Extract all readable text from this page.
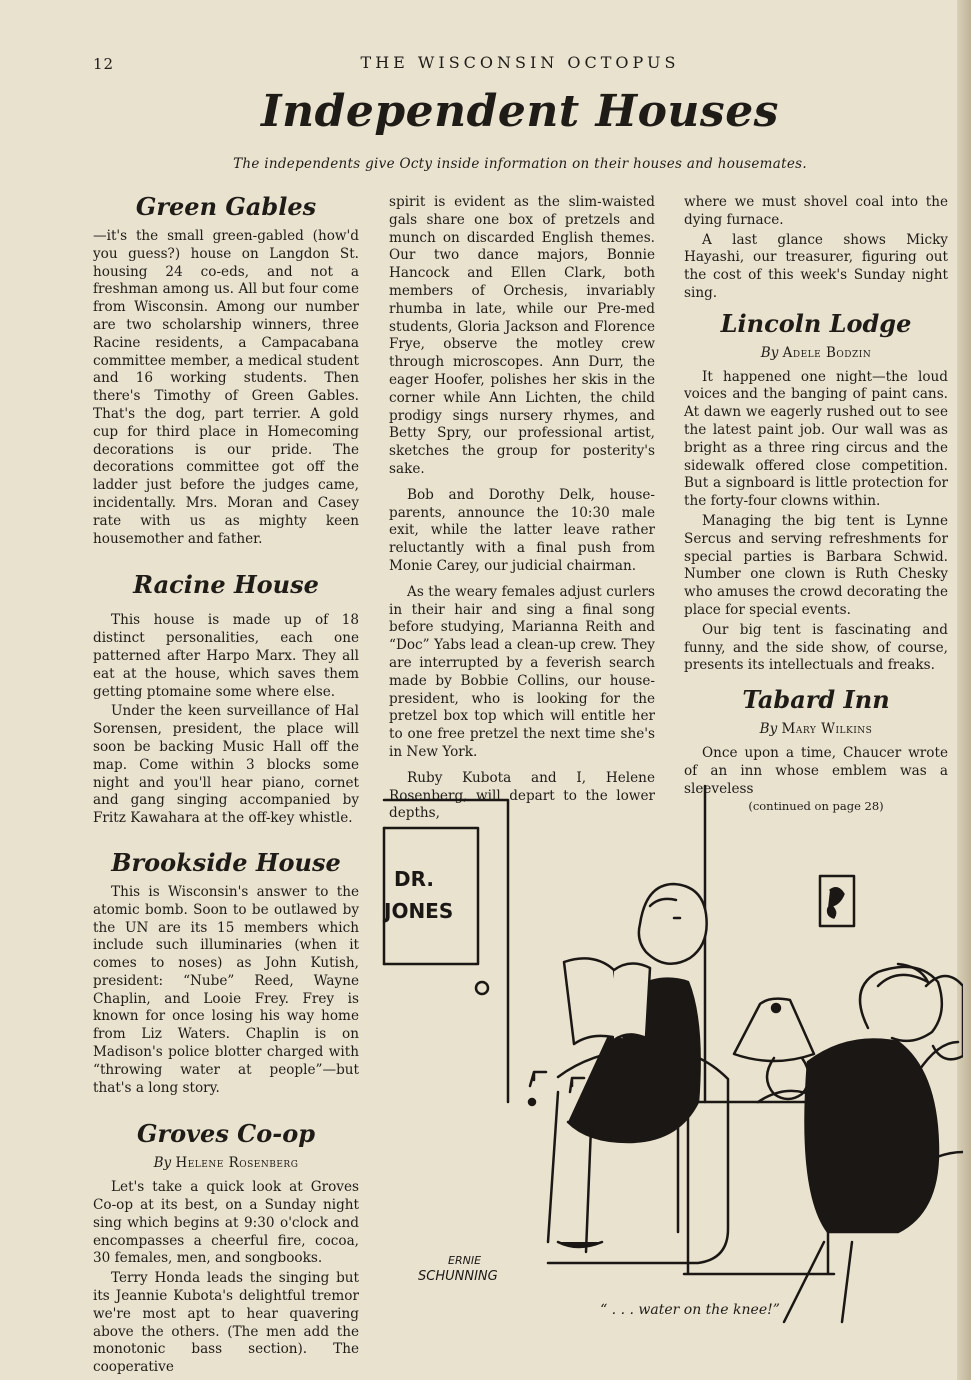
12	THE WISCONSIN OCTOPUS
Independent Houses
The independents give Octy inside information on their houses and housemates.
Green Gables

—it's the small green-gabled (how'd you guess?) house on Langdon St. housing 24 co-eds, and not a freshman among us. All but four come from Wisconsin. Among our number are two scholarship winners, three Racine residents, a Campacabana committee member, a medical student and 16 working students. Then there's Timothy of Green Gables. That's the dog, part terrier. A gold cup for third place in Homecoming decorations is our pride. The decorations committee got off the ladder just before the judges came, incidentally. Mrs. Moran and Casey rate with us as mighty keen housemother and father.

Racine House

This house is made up of 18 distinct personalities, each one patterned after Harpo Marx. They all eat at the house, which saves them getting ptomaine some where else.

Under the keen surveillance of Hal Sorensen, president, the place will soon be backing Music Hall off the map. Come within 3 blocks some night and you'll hear piano, cornet and gang singing accompanied by Fritz Kawahara at the off-key whistle.

Brookside House

This is Wisconsin's answer to the atomic bomb. Soon to be outlawed by the UN are its 15 members which include such illuminaries (when it comes to noses) as John Kutish, president: “Nube” Reed, Wayne Chaplin, and Looie Frey. Frey is known for once losing his way home from Liz Waters. Chaplin is on Madison's police blotter charged with “throwing water at people”—but that's a long story.

Groves Co-op
By Helene Rosenberg

Let's take a quick look at Groves Co-op at its best, on a Sunday night sing which begins at 9:30 o'clock and encompasses a cheerful fire, cocoa, 30 females, men, and songbooks.

Terry Honda leads the singing but its Jeannie Kubota's delightful tremor we're most apt to hear quavering above the others. (The men add the monotonic bass section). The cooperative

spirit is evident as the slim-waisted gals share one box of pretzels and munch on discarded English themes. Our two dance majors, Bonnie Hancock and Ellen Clark, both members of Orchesis, invariably rhumba in late, while our Pre-med students, Gloria Jackson and Florence Frye, observe the motley crew through microscopes. Ann Durr, the eager Hoofer, polishes her skis in the corner while Ann Lichten, the child prodigy sings nursery rhymes, and Betty Spry, our professional artist, sketches the group for posterity's sake.

Bob and Dorothy Delk, house-parents, announce the 10:30 male exit, while the latter leave rather reluctantly with a final push from Monie Carey, our judicial chairman.

As the weary females adjust curlers in their hair and sing a final song before studying, Marianna Reith and “Doc” Yabs lead a clean-up crew. They are interrupted by a feverish search made by Bobbie Collins, our house-president, who is looking for the pretzel box top which will entitle her to one free pretzel the next time she's in New York.

Ruby Kubota and I, Helene Rosenberg, will depart to the lower depths,

where we must shovel coal into the dying furnace.

A last glance shows Micky Hayashi, our treasurer, figuring out the cost of this week's Sunday night sing.

Lincoln Lodge
By Adele Bodzin

It happened one night—the loud voices and the banging of paint cans. At dawn we eagerly rushed out to see the latest paint job. Our wall was as bright as a three ring circus and the sidewalk offered close competition. But a signboard is little protection for the forty-four clowns within.

Managing the big tent is Lynne Sercus and serving refreshments for special parties is Barbara Schwid. Number one clown is Ruth Chesky who amuses the crowd decorating the place for special events.

Our big tent is fascinating and funny, and the side show, of course, presents its intellectuals and freaks.

Tabard Inn
By Mary Wilkins

Once upon a time, Chaucer wrote of an inn whose emblem was a sleeveless

(continued on page 28)
DR.
JONES
ERNIE
SCHUNNING
“ . . . water on the knee!”
